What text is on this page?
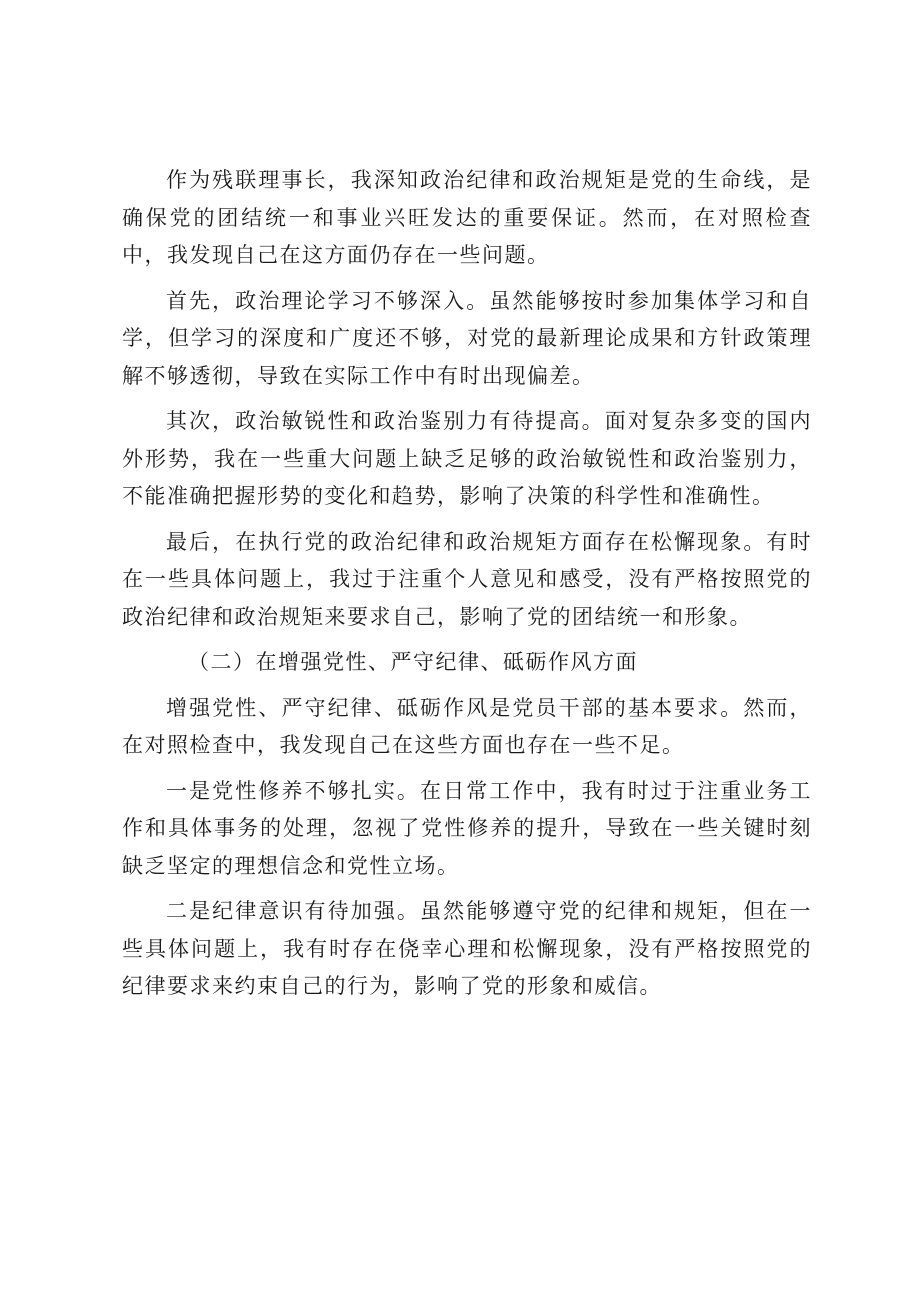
作为残联理事长，我深知政治纪律和政治规矩是党的生命线，是确保党的团结统一和事业兴旺发达的重要保证。然而，在对照检查中，我发现自己在这方面仍存在一些问题。

首先，政治理论学习不够深入。虽然能够按时参加集体学习和自学，但学习的深度和广度还不够，对党的最新理论成果和方针政策理解不够透彻，导致在实际工作中有时出现偏差。

其次，政治敏锐性和政治鉴别力有待提高。面对复杂多变的国内外形势，我在一些重大问题上缺乏足够的政治敏锐性和政治鉴别力，不能准确把握形势的变化和趋势，影响了决策的科学性和准确性。

最后，在执行党的政治纪律和政治规矩方面存在松懈现象。有时在一些具体问题上，我过于注重个人意见和感受，没有严格按照党的政治纪律和政治规矩来要求自己，影响了党的团结统一和形象。

（二）在增强党性、严守纪律、砥砺作风方面

增强党性、严守纪律、砥砺作风是党员干部的基本要求。然而，在对照检查中，我发现自己在这些方面也存在一些不足。

一是党性修养不够扎实。在日常工作中，我有时过于注重业务工作和具体事务的处理，忽视了党性修养的提升，导致在一些关键时刻缺乏坚定的理想信念和党性立场。

二是纪律意识有待加强。虽然能够遵守党的纪律和规矩，但在一些具体问题上，我有时存在侥幸心理和松懈现象，没有严格按照党的纪律要求来约束自己的行为，影响了党的形象和威信。
